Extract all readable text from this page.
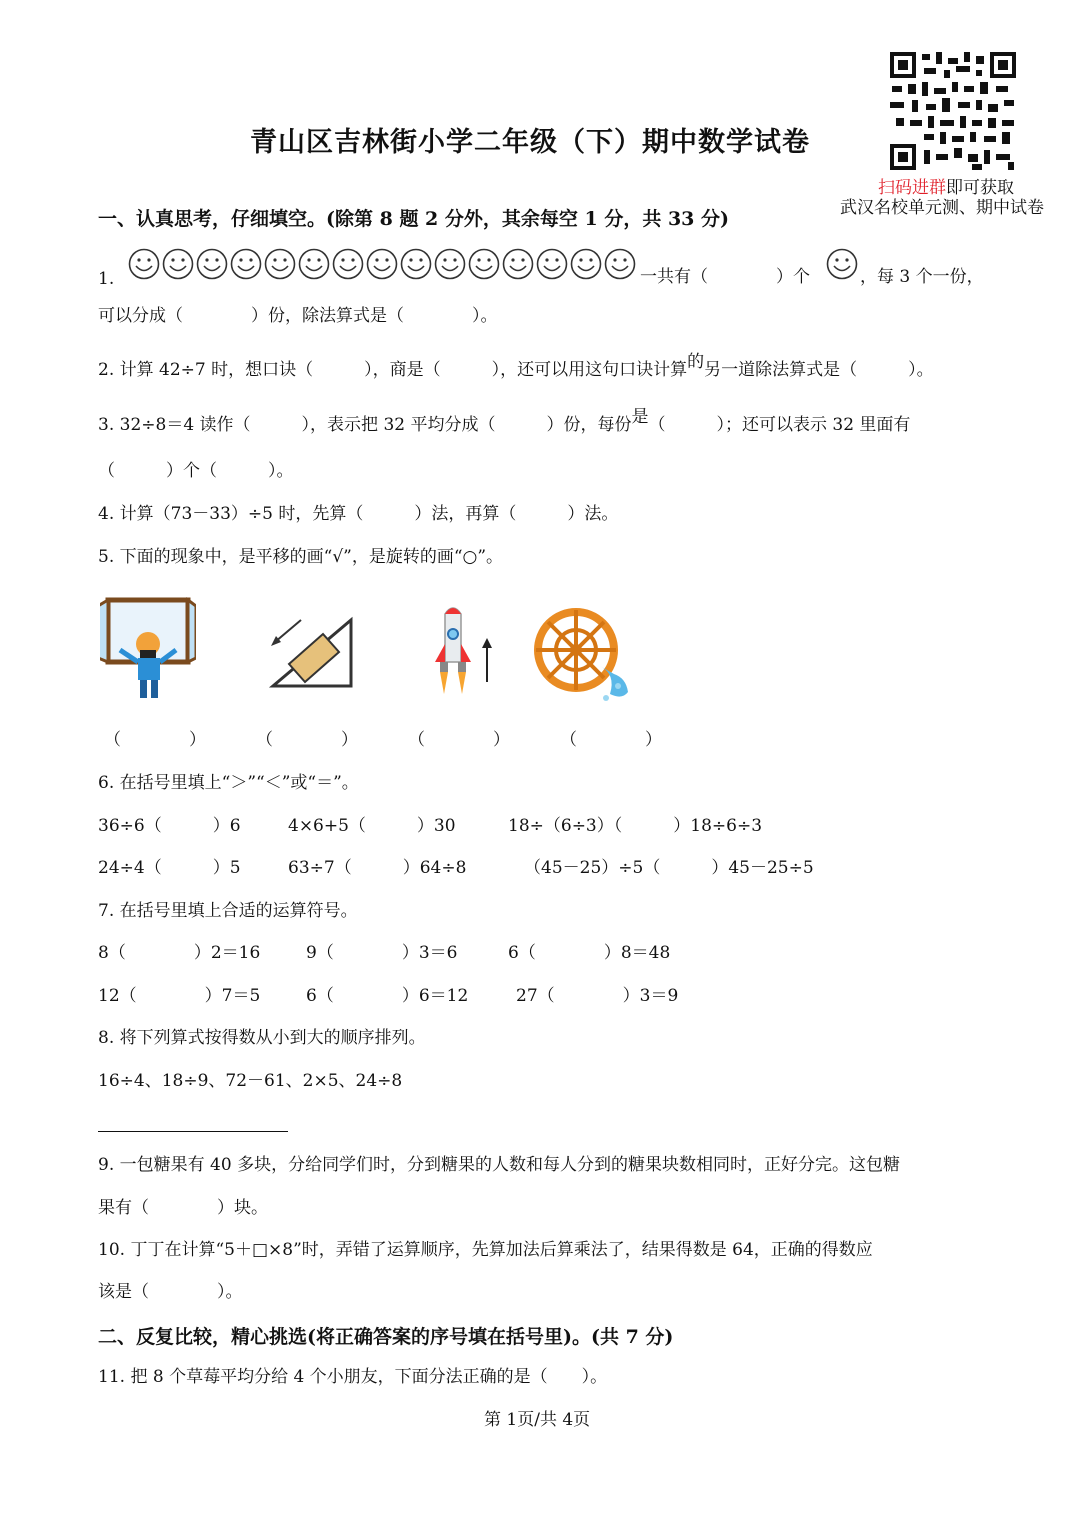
扫码进群即可获取
武汉名校单元测、期中试卷
青山区吉林街小学二年级（下）期中数学试卷
一、认真思考，仔细填空。(除第 8 题 2 分外，其余每空 1 分，共 33 分)
1.	一共有（　　　　）个	，每 3 个一份，
可以分成（　　　　）份，除法算式是（　　　　）。
2. 计算 42÷7 时，想口诀（　　　），商是（　　　），还可以用这句口诀计算的另一道除法算式是（　　　）。
3. 32÷8＝4 读作（　　　），表示把 32 平均分成（　　　）份，每份是（　　　）；还可以表示 32 里面有
（　　　）个（　　　）。
4. 计算（73－33）÷5 时，先算（　　　）法，再算（　　　）法。
5. 下面的现象中，是平移的画“√”，是旋转的画“○”。
（　　　　）	（　　　　）	（　　　　）	（　　　　）
6. 在括号里填上“＞”“＜”或“＝”。
36÷6（　　　）6	4×6+5（　　　）30	18÷（6÷3）（　　　）18÷6÷3
24÷4（　　　）5	63÷7（　　　）64÷8	（45－25）÷5（　　　）45－25÷5
7. 在括号里填上合适的运算符号。
8（　　　　）2＝16	9（　　　　）3＝6	6（　　　　）8＝48
12（　　　　）7＝5	6（　　　　）6＝12	27（　　　　）3＝9
8. 将下列算式按得数从小到大的顺序排列。
16÷4、18÷9、72－61、2×5、24÷8
9. 一包糖果有 40 多块，分给同学们时，分到糖果的人数和每人分到的糖果块数相同时，正好分完。这包糖
果有（　　　　）块。
10. 丁丁在计算“5＋□×8”时，弄错了运算顺序，先算加法后算乘法了，结果得数是 64，正确的得数应
该是（　　　　）。
二、反复比较，精心挑选(将正确答案的序号填在括号里)。(共 7 分)
11. 把 8 个草莓平均分给 4 个小朋友，下面分法正确的是（　　）。
第 1页/共 4页
